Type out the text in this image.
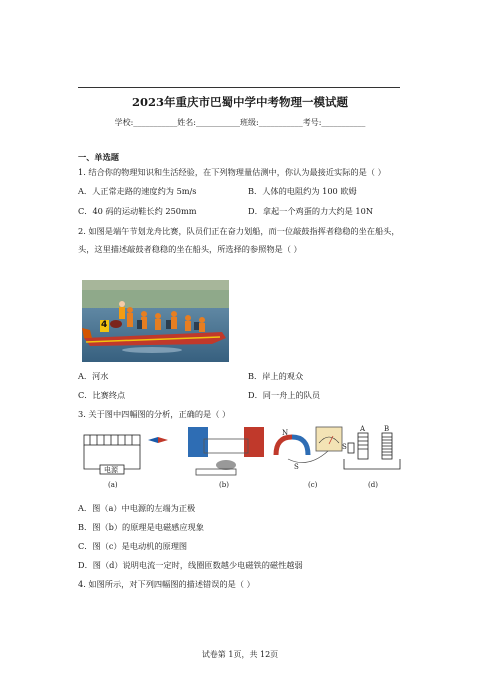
2023年重庆市巴蜀中学中考物理一模试题
学校:___________姓名:___________班级:___________考号:___________
一、单选题
1. 结合你的物理知识和生活经验，在下列物理量估测中，你认为最接近实际的是（ ）
A．人正常走路的速度约为 5m/s	B．人体的电阻约为 100 欧姆
C．40 码的运动鞋长约 250mm	D．拿起一个鸡蛋的力大约是 10N
2. 如图是端午节划龙舟比赛，队员们正在奋力划船，而一位敲鼓指挥者稳稳的坐在船头，
头，这里描述敲鼓者稳稳的坐在船头，所选择的参照物是（ ）
4
A．河水	B．岸上的观众
C．比赛终点	D．同一舟上的队员
3. 关于图中四幅图的分析，正确的是（ ）
电源
(a)	(b)
N
S
(c)
A	B
S
(d)
A．图（a）中电源的左端为正极
B．图（b）的原理是电磁感应现象
C．图（c）是电动机的原理图
D．图（d）说明电流一定时，线圈匝数越少电磁铁的磁性越弱
4. 如图所示，对下列四幅图的描述错误的是（ ）
试卷第 1页，共 12页
